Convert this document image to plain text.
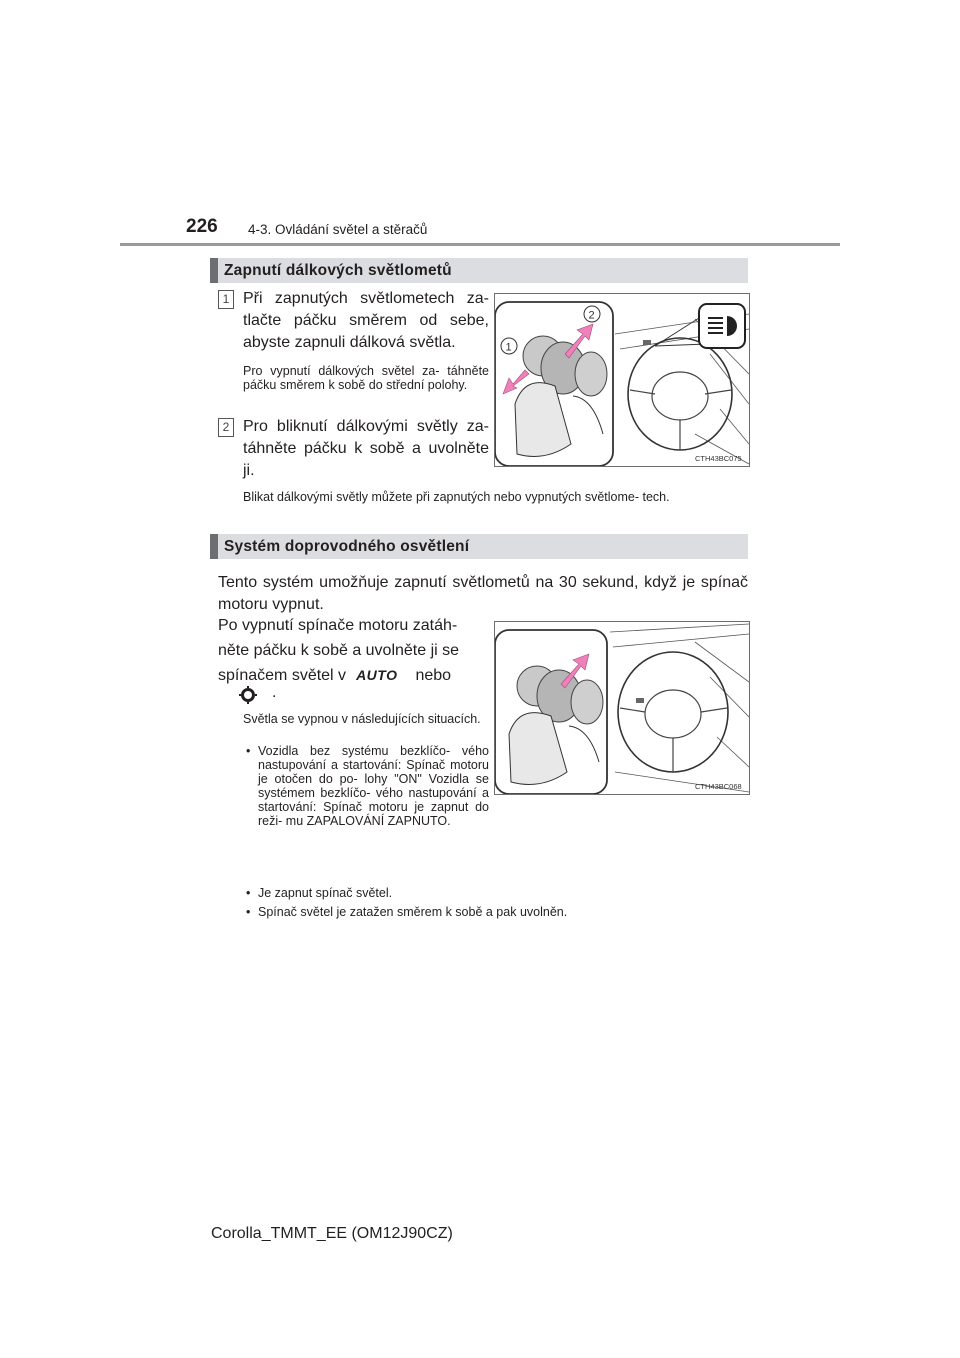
226 4-3. Ovládání světel a stěračů
Zapnutí dálkových světlometů
1 Při zapnutých světlometech za- tlačte páčku směrem od sebe, abyste zapnuli dálková světla.
Pro vypnutí dálkových světel za- táhněte páčku směrem k sobě do střední polohy.
2 Pro bliknutí dálkovými světly za- táhněte páčku k sobě a uvolněte ji.
Blikat dálkovými světly můžete při zapnutých nebo vypnutých světlome- tech.
2
1
CTH43BC075
Systém doprovodného osvětlení
Tento systém umožňuje zapnutí světlometů na 30 sekund, když je spínač motoru vypnut.
Po vypnutí spínače motoru zatáh-
něte páčku k sobě a uvolněte ji se
spínačem světel v AUTO nebo
.
Světla se vypnou v následujících situacích.
• Vozidla bez systému bezklíčo- vého nastupování a startování: Spínač motoru je otočen do po- lohy "ON" Vozidla se systémem bezklíčo- vého nastupování a startování: Spínač motoru je zapnut do reži- mu ZAPALOVÁNÍ ZAPNUTO.
• Je zapnut spínač světel.
• Spínač světel je zatažen směrem k sobě a pak uvolněn.
CTH43BC068
Corolla_TMMT_EE (OM12J90CZ)
